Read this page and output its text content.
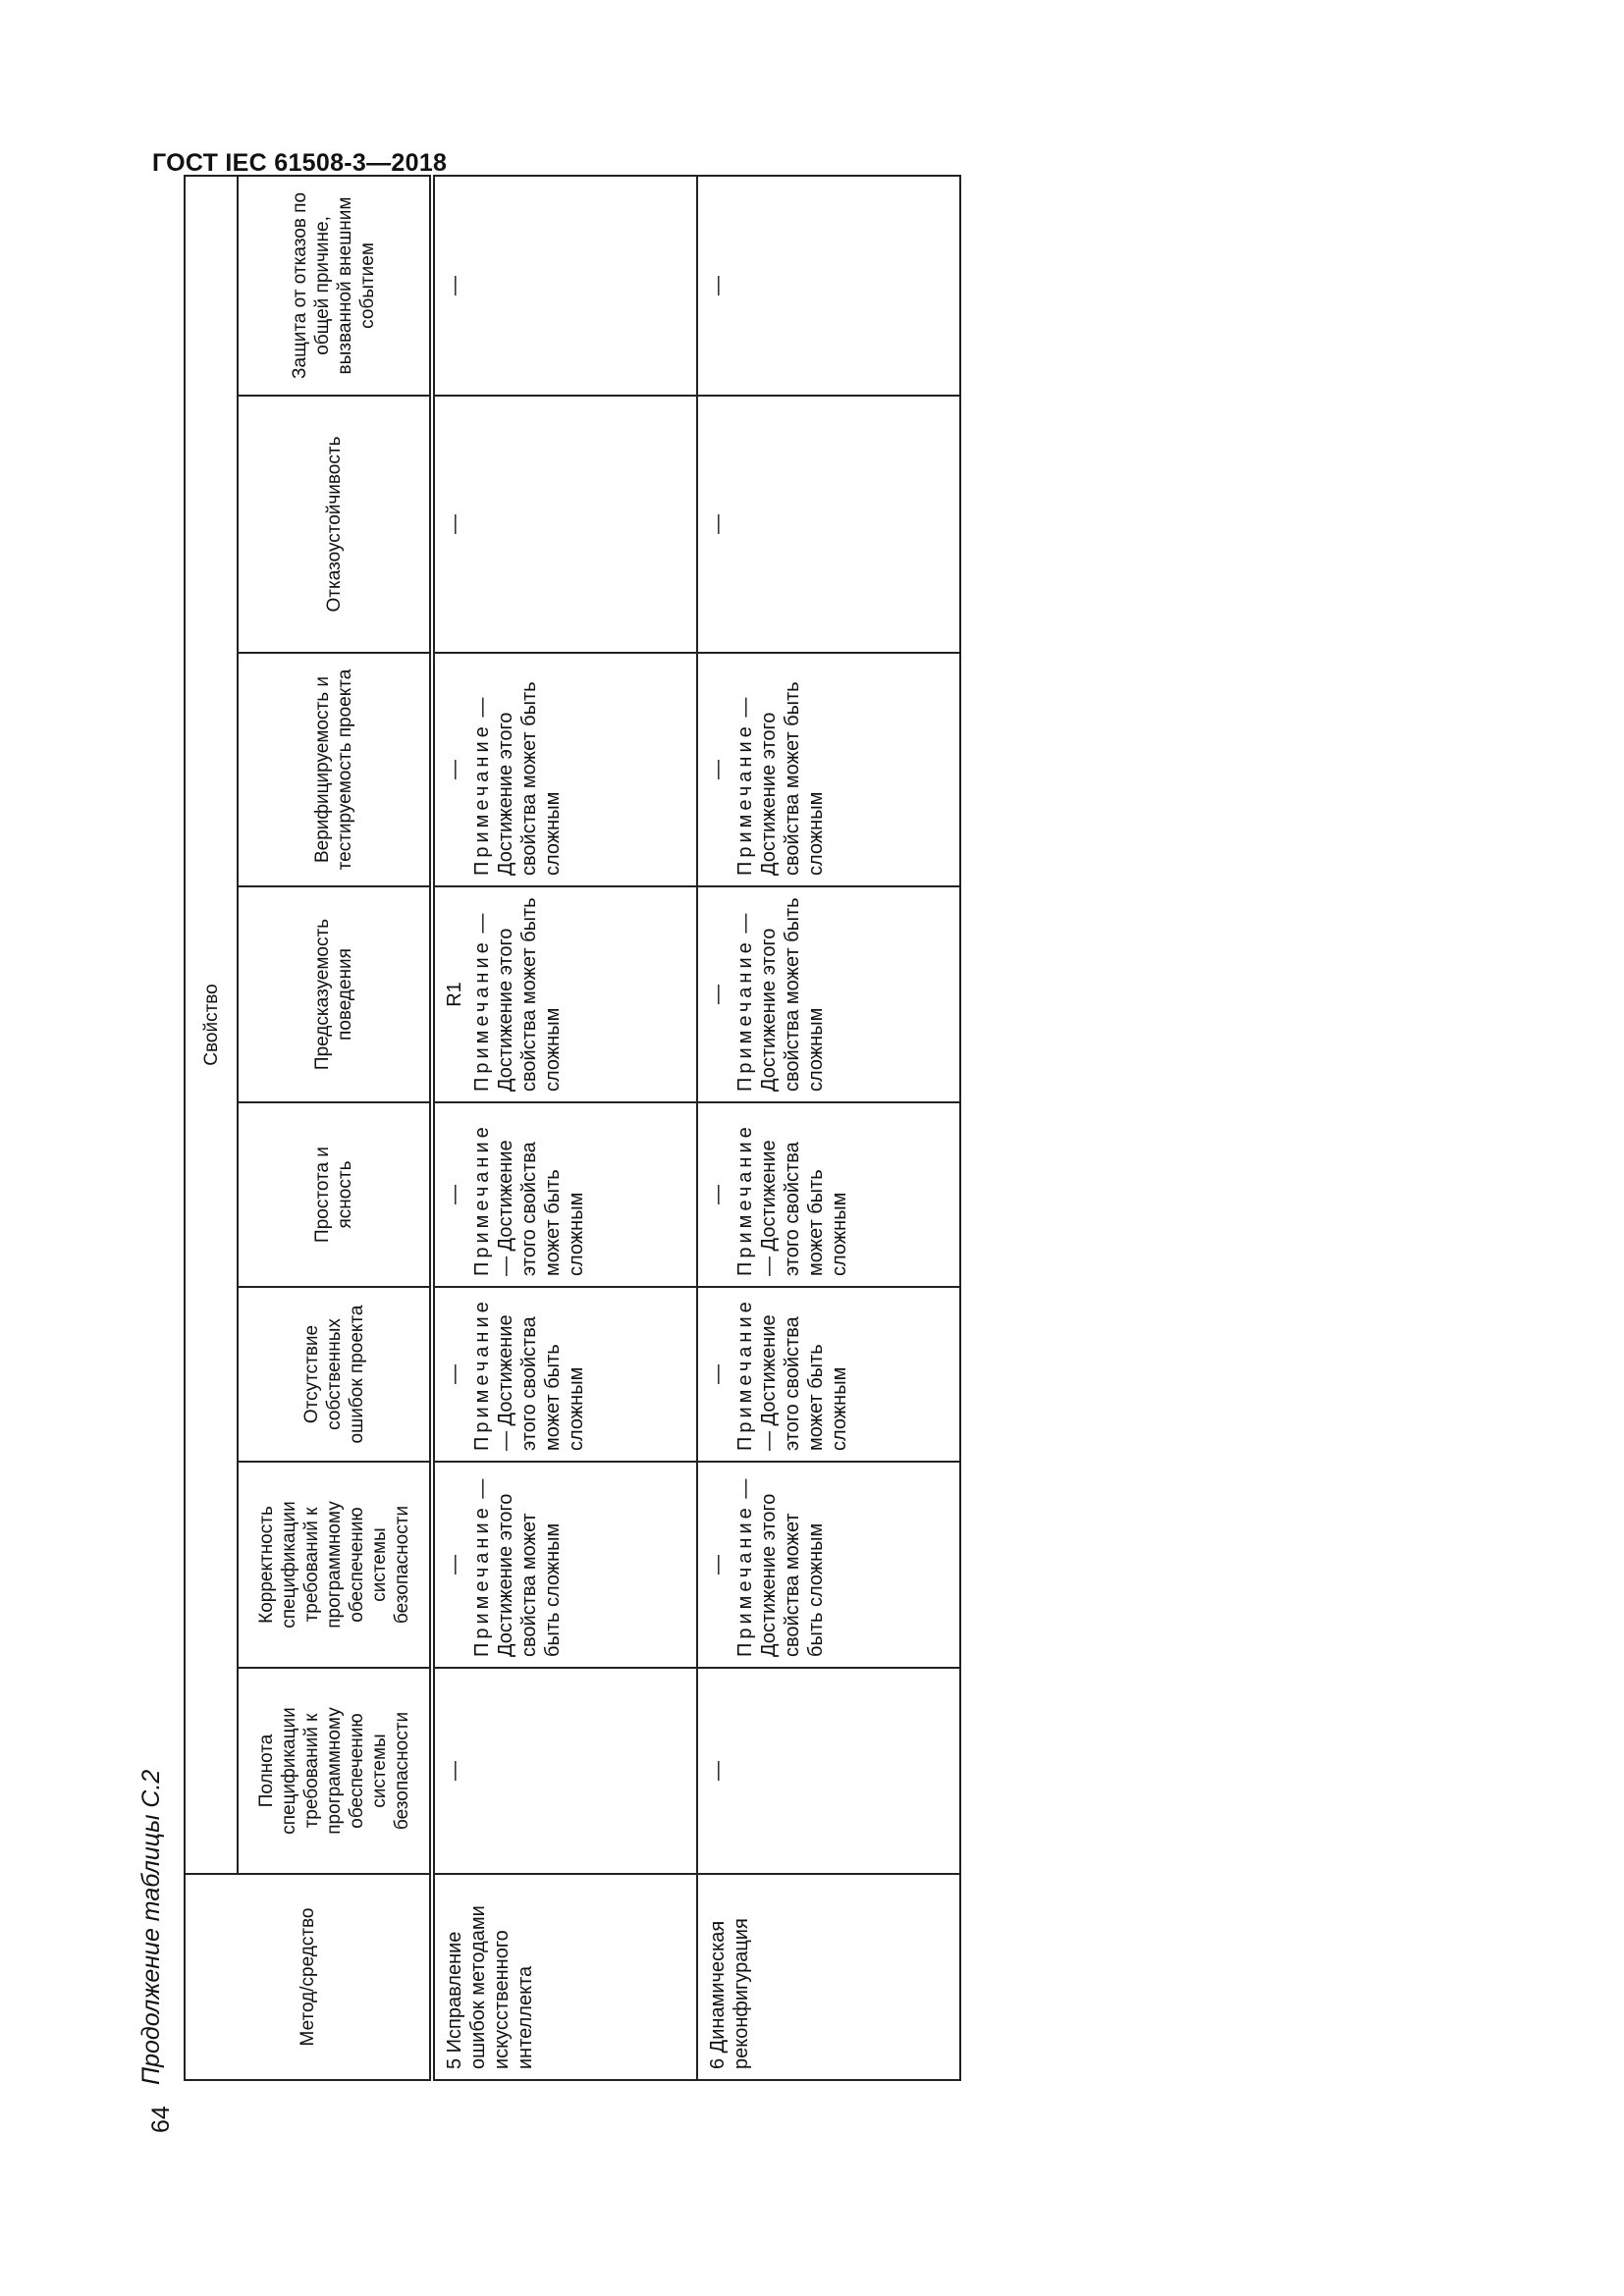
ГОСТ IEC 61508-3—2018
64
Продолжение таблицы С.2	Метод/средство	Свойство							
	Полнота спецификации требований к программному обеспечению системы безопасности	Корректность спецификации требований к программному обеспечению системы безопасности	Отсутствие собственных ошибок проекта	Простота и ясность	Предсказуемость поведения	Верифицируемость и тестируемость проекта	Отказоустойчивость	Защита от отказов по общей причине, вызванной внешним событием
5 Исправление ошибок методами искусственного интеллекта	—	— Примечание — Достижение этого свойства может быть сложным	— Примечание — Достижение этого свойства может быть сложным	— Примечание — Достижение этого свойства может быть сложным	R1 Примечание — Достижение этого свойства может быть сложным	— Примечание — Достижение этого свойства может быть сложным	—	—

6 Динамическая реконфигурация	—	— Примечание — Достижение этого свойства может быть сложным	— Примечание — Достижение этого свойства может быть сложным	— Примечание — Достижение этого свойства может быть сложным	— Примечание — Достижение этого свойства может быть сложным	— Примечание — Достижение этого свойства может быть сложным	—	—
